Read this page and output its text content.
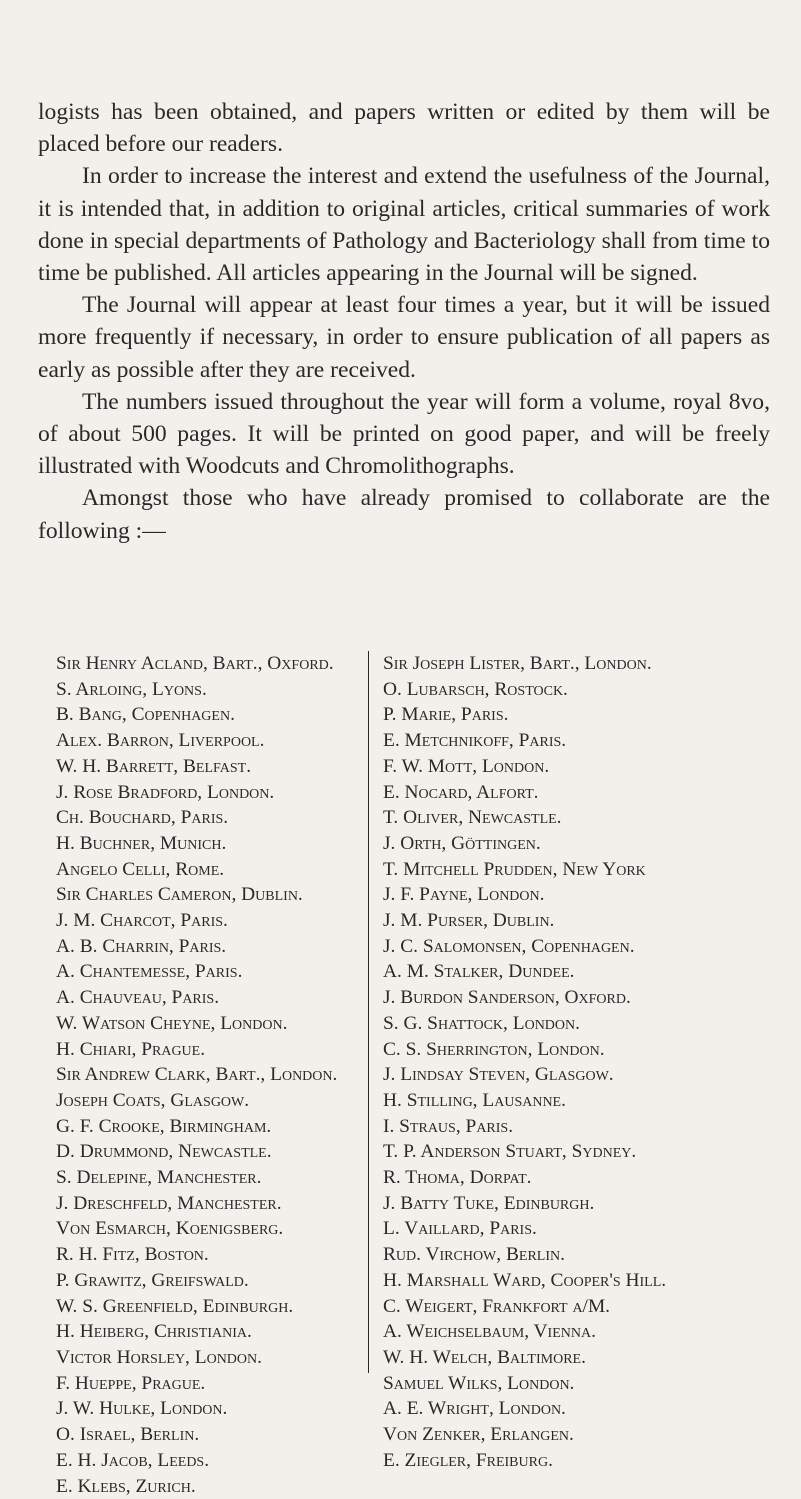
logists has been obtained, and papers written or edited by them will be placed before our readers.

In order to increase the interest and extend the usefulness of the Journal, it is intended that, in addition to original articles, critical summaries of work done in special departments of Pathology and Bacteriology shall from time to time be published. All articles appearing in the Journal will be signed.

The Journal will appear at least four times a year, but it will be issued more frequently if necessary, in order to ensure publication of all papers as early as possible after they are received.

The numbers issued throughout the year will form a volume, royal 8vo, of about 500 pages. It will be printed on good paper, and will be freely illustrated with Woodcuts and Chromolithographs.

Amongst those who have already promised to collaborate are the following :—

Sir Henry Acland, Bart., Oxford.
S. Arloing, Lyons.
B. Bang, Copenhagen.
Alex. Barron, Liverpool.
W. H. Barrett, Belfast.
J. Rose Bradford, London.
Ch. Bouchard, Paris.
H. Buchner, Munich.
Angelo Celli, Rome.
Sir Charles Cameron, Dublin.
J. M. Charcot, Paris.
A. B. Charrin, Paris.
A. Chantemesse, Paris.
A. Chauveau, Paris.
W. Watson Cheyne, London.
H. Chiari, Prague.
Sir Andrew Clark, Bart., London.
Joseph Coats, Glasgow.
G. F. Crooke, Birmingham.
D. Drummond, Newcastle.
S. Delepine, Manchester.
J. Dreschfeld, Manchester.
Von Esmarch, Koenigsberg.
R. H. Fitz, Boston.
P. Grawitz, Greifswald.
W. S. Greenfield, Edinburgh.
H. Heiberg, Christiania.
Victor Horsley, London.
F. Hueppe, Prague.
J. W. Hulke, London.
O. Israel, Berlin.
E. H. Jacob, Leeds.
E. Klebs, Zurich.
Sir Joseph Lister, Bart., London.
O. Lubarsch, Rostock.
P. Marie, Paris.
E. Metchnikoff, Paris.
F. W. Mott, London.
E. Nocard, Alfort.
T. Oliver, Newcastle.
J. Orth, Göttingen.
T. Mitchell Prudden, New York
J. F. Payne, London.
J. M. Purser, Dublin.
J. C. Salomonsen, Copenhagen.
A. M. Stalker, Dundee.
J. Burdon Sanderson, Oxford.
S. G. Shattock, London.
C. S. Sherrington, London.
J. Lindsay Steven, Glasgow.
H. Stilling, Lausanne.
I. Straus, Paris.
T. P. Anderson Stuart, Sydney.
R. Thoma, Dorpat.
J. Batty Tuke, Edinburgh.
L. Vaillard, Paris.
Rud. Virchow, Berlin.
H. Marshall Ward, Cooper's Hill.
C. Weigert, Frankfort a/M.
A. Weichselbaum, Vienna.
W. H. Welch, Baltimore.
Samuel Wilks, London.
A. E. Wright, London.
Von Zenker, Erlangen.
E. Ziegler, Freiburg.
